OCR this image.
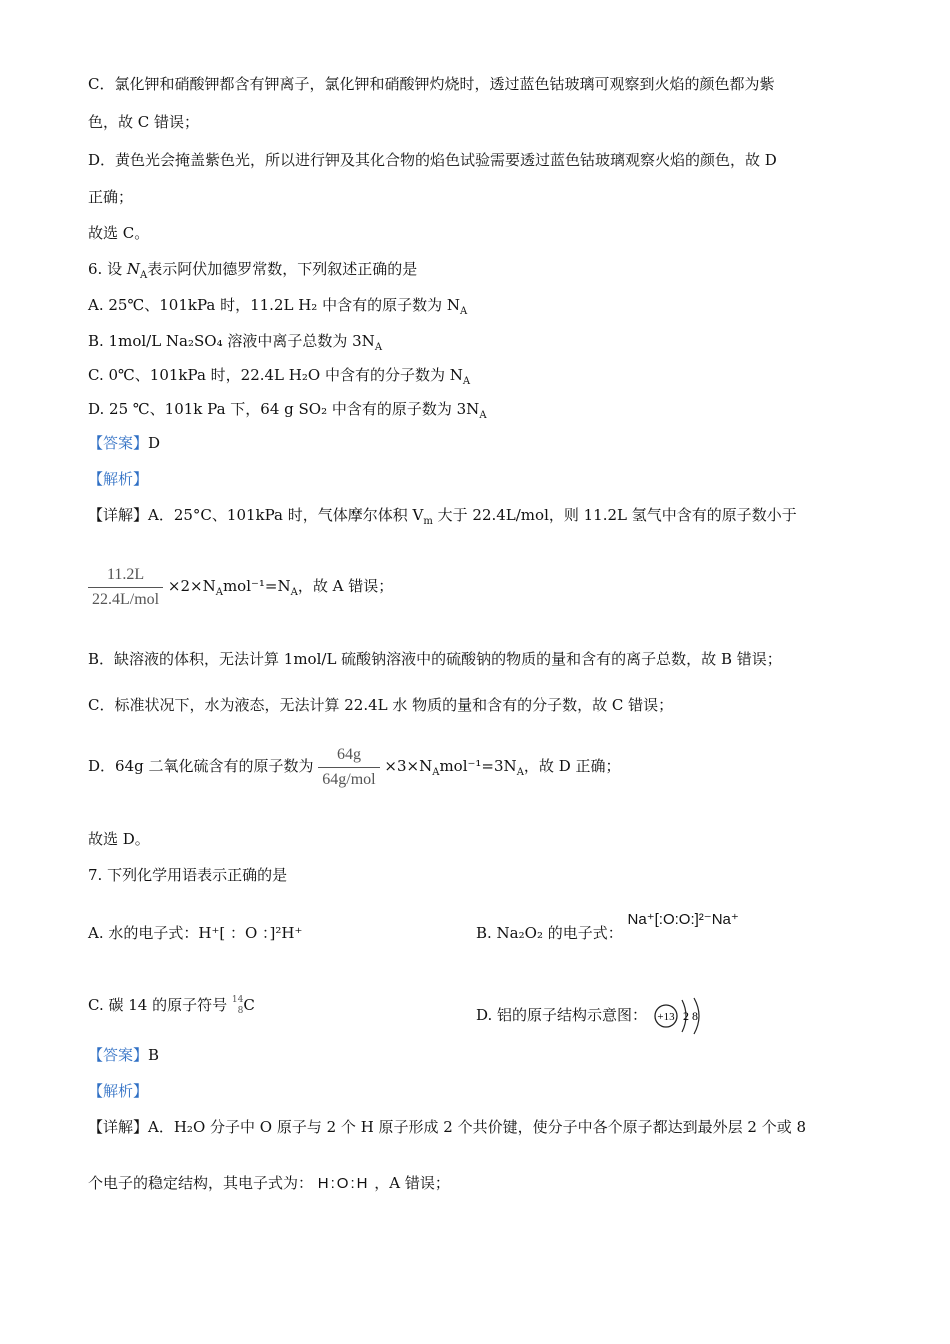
C．氯化钾和硝酸钾都含有钾离子，氯化钾和硝酸钾灼烧时，透过蓝色钴玻璃可观察到火焰的颜色都为紫
色，故 C 错误；
D．黄色光会掩盖紫色光，所以进行钾及其化合物的焰色试验需要透过蓝色钴玻璃观察火焰的颜色，故 D
正确；
故选 C。
6. 设 $N_A$表示阿伏加德罗常数，下列叙述正确的是
A. 25℃、101kPa 时，11.2L H₂ 中含有的原子数为 $N_A$
B. 1mol/L Na₂SO₄ 溶液中离子总数为 $3N_A$
C. 0℃、101kPa 时，22.4L H₂O 中含有的分子数为 $N_A$
D. 25 ℃、101k Pa 下，64 g SO₂ 中含有的原子数为 $3N_A$
【答案】D
【解析】
【详解】A．25°C、101kPa 时，气体摩尔体积 $V_m$ 大于 22.4L/mol，则 11.2L 氢气中含有的原子数小于
$\frac{11.2L}{\text{22.4L/mol}} \times 2\times N_Amol^{-1}=N_A$，故 A 错误；
B．缺溶液的体积，无法计算 1mol/L 硫酸钠溶液中的硫酸钠的物质的量和含有的离子总数，故 B 错误；
C．标准状况下，水为液态，无法计算 22.4L 水 物质的量和含有的分子数，故 C 错误；
D．64g 二氧化硫含有的原子数为 $\frac{64g}{\text{64g/mol}} \times 3\times N_Amol^{-1}=3N_A$，故 D 正确；
故选 D。
7. 下列化学用语表示正确的是
A. 水的电子式：H⁺[ ：O ：]²H⁺	B. Na₂O₂ 的电子式： Na⁺[:O:O:]²⁻Na⁺
C. 碳 14 的原子符号 14
8 C
D. 铝的原子结构示意图： +13 2 8
【答案】B
【解析】
【详解】A．H₂O 分子中 O 原子与 2 个 H 原子形成 2 个共价键，使分子中各个原子都达到最外层 2 个或 8
个电子的稳定结构，其电子式为： H:O:H ，A 错误；
